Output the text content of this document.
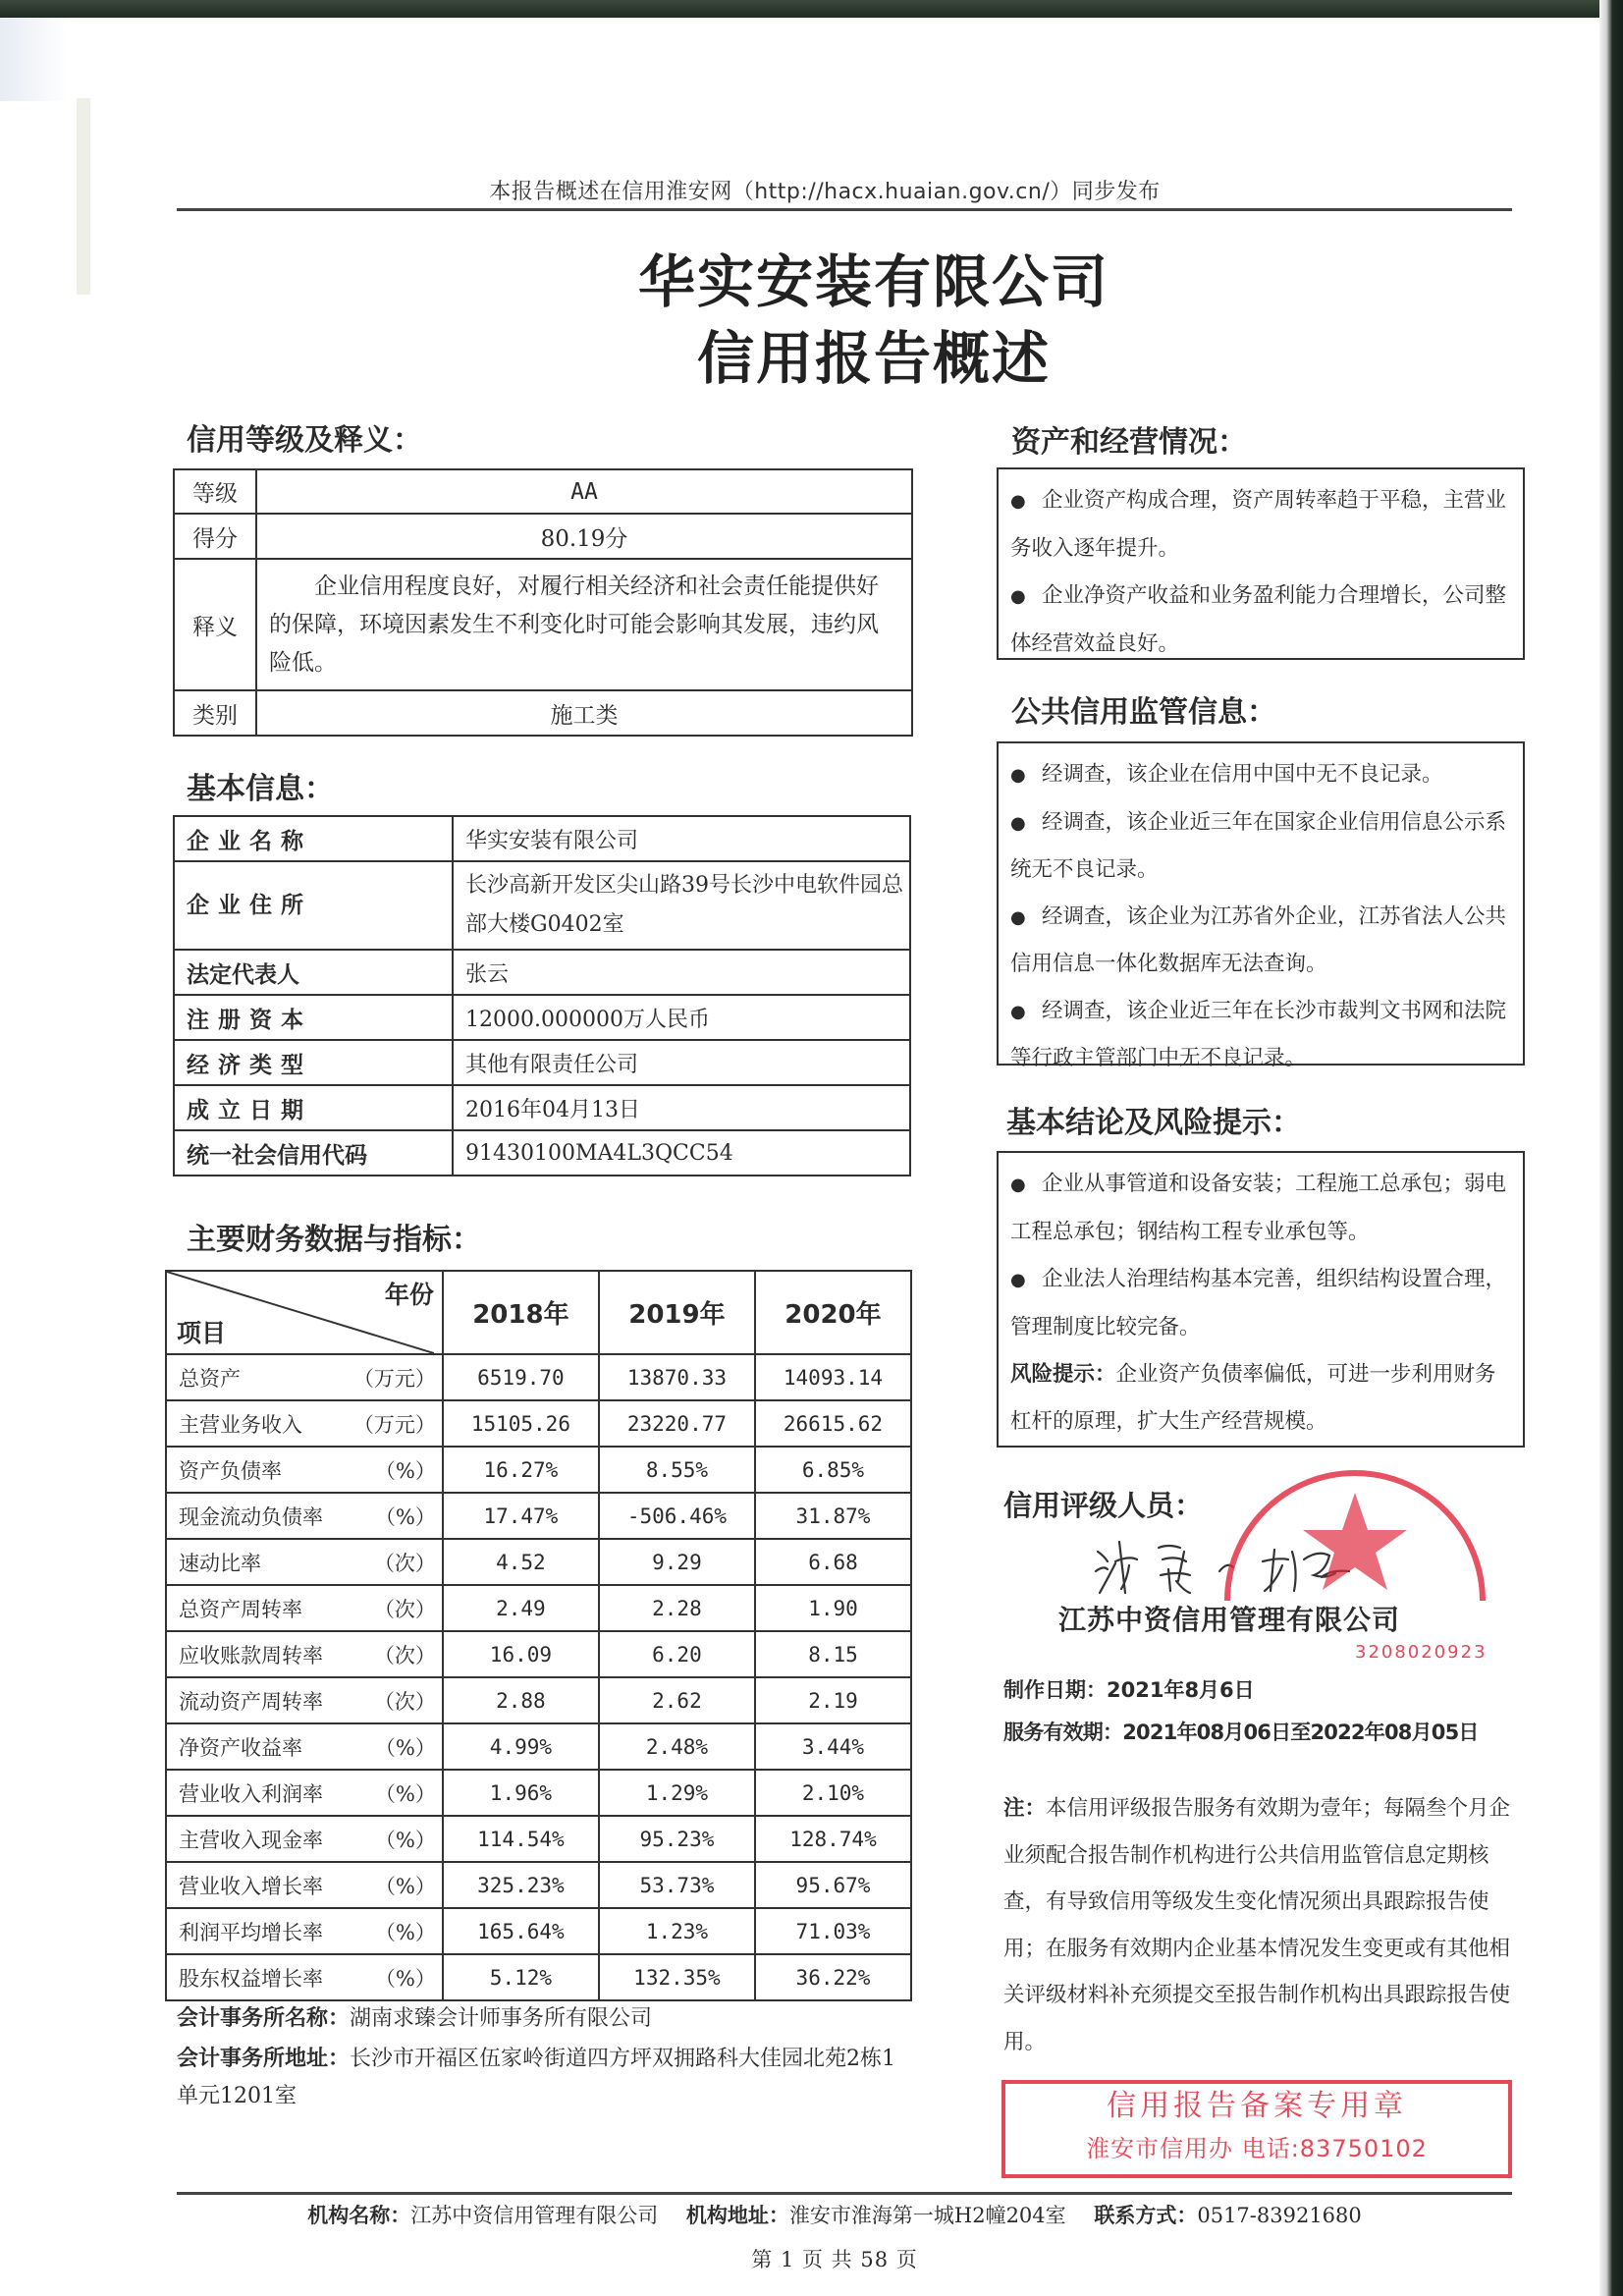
本报告概述在信用淮安网（http://hacx.huaian.gov.cn/）同步发布
华实安装有限公司
信用报告概述
信用等级及释义：
等级	AA
得分	80.19分
释义	企业信用程度良好，对履行相关经济和社会责任能提供好的保障，环境因素发生不利变化时可能会影响其发展，违约风险低。
类别	施工类
基本信息：
企业名称	华实安装有限公司
企业住所	长沙高新开发区尖山路39号长沙中电软件园总部大楼G0402室
法定代表人	张云
注册资本	12000.000000万人民币
经济类型	其他有限责任公司
成立日期	2016年04月13日
统一社会信用代码	91430100MA4L3QCC54
主要财务数据与指标：
年份
项目	2018年	2019年	2020年

总资产 （万元）	6519.70	13870.33	14093.14

主营业务收入 （万元）	15105.26	23220.77	26615.62

资产负债率 （%）	16.27%	8.55%	6.85%

现金流动负债率 （%）	17.47%	-506.46%	31.87%

速动比率 （次）	4.52	9.29	6.68

总资产周转率 （次）	2.49	2.28	1.90

应收账款周转率 （次）	16.09	6.20	8.15

流动资产周转率 （次）	2.88	2.62	2.19

净资产收益率 （%）	4.99%	2.48%	3.44%

营业收入利润率 （%）	1.96%	1.29%	2.10%

主营收入现金率 （%）	114.54%	95.23%	128.74%

营业收入增长率 （%）	325.23%	53.73%	95.67%

利润平均增长率 （%）	165.64%	1.23%	71.03%

股东权益增长率 （%）	5.12%	132.35%	36.22%
会计事务所名称：湖南求臻会计师事务所有限公司
会计事务所地址：长沙市开福区伍家岭街道四方坪双拥路科大佳园北苑2栋1单元1201室
资产和经营情况：

● 企业资产构成合理，资产周转率趋于平稳，主营业务收入逐年提升。

● 企业净资产收益和业务盈利能力合理增长，公司整体经营效益良好。

公共信用监管信息：

● 经调查，该企业在信用中国中无不良记录。

● 经调查，该企业近三年在国家企业信用信息公示系统无不良记录。

● 经调查，该企业为江苏省外企业，江苏省法人公共信用信息一体化数据库无法查询。

● 经调查，该企业近三年在长沙市裁判文书网和法院等行政主管部门中无不良记录。

基本结论及风险提示：

● 企业从事管道和设备安装；工程施工总承包；弱电工程总承包；钢结构工程专业承包等。

● 企业法人治理结构基本完善，组织结构设置合理，管理制度比较完备。

风险提示：企业资产负债率偏低，可进一步利用财务杠杆的原理，扩大生产经营规模。

信用评级人员：
3208020923
江苏中资信用管理有限公司
制作日期：2021年8月6日
服务有效期：2021年08月06日至2022年08月05日
注：本信用评级报告服务有效期为壹年；每隔叁个月企业须配合报告制作机构进行公共信用监管信息定期核查，有导致信用等级发生变化情况须出具跟踪报告使用；在服务有效期内企业基本情况发生变更或有其他相关评级材料补充须提交至报告制作机构出具跟踪报告使用。
信用报告备案专用章
淮安市信用办 电话:83750102
机构名称：江苏中资信用管理有限公司 机构地址：淮安市淮海第一城H2幢204室 联系方式：0517-83921680
第 1 页 共 58 页
